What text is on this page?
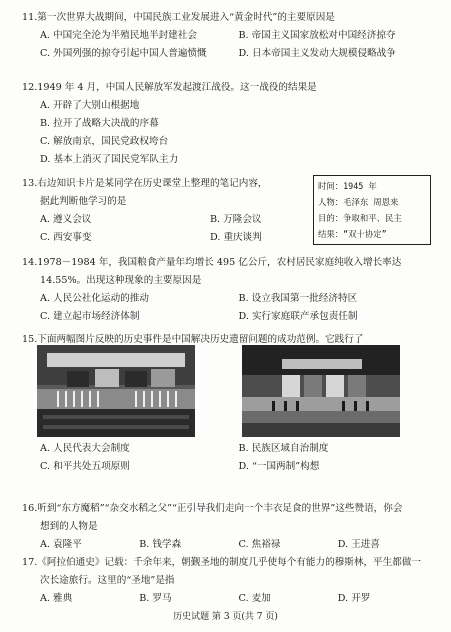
11.第一次世界大战期间，中国民族工业发展进入“黄金时代”的主要原因是
A. 中国完全沦为半殖民地半封建社会	B. 帝国主义国家放松对中国经济掠夺
C. 外国列强的掠夺引起中国人普遍愤慨	D. 日本帝国主义发动大规模侵略战争
12.1949 年 4 月，中国人民解放军发起渡江战役。这一战役的结果是
A. 开辟了大别山根据地
B. 拉开了战略大决战的序幕
C. 解放南京，国民党政权垮台
D. 基本上消灭了国民党军队主力
13.右边知识卡片是某同学在历史课堂上整理的笔记内容，
据此判断他学习的是
A. 遵义会议	B. 万隆会议
C. 西安事变	D. 重庆谈判
时间：1945 年
人物：毛泽东 周恩来
目的：争取和平、民主
结果：“双十协定”
14.1978－1984 年，我国粮食产量年均增长 495 亿公斤，农村居民家庭纯收入增长率达
14.55%。出现这种现象的主要原因是
A. 人民公社化运动的推动	B. 设立我国第一批经济特区
C. 建立起市场经济体制	D. 实行家庭联产承包责任制
15.下面两幅图片反映的历史事件是中国解决历史遗留问题的成功范例。它践行了
A. 人民代表大会制度	B. 民族区域自治制度
C. 和平共处五项原则	D. “一国两制”构想
16.听到“东方魔稻”“杂交水稻之父”“正引导我们走向一个丰衣足食的世界”这些赞语，你会
想到的人物是
A. 袁隆平	B. 钱学森	C. 焦裕禄	D. 王进喜
17.《阿拉伯通史》记载：千余年来，朝觐圣地的制度几乎使每个有能力的穆斯林，平生都做一
次长途旅行。这里的“圣地”是指
A. 雅典	B. 罗马	C. 麦加	D. 开罗
历史试题 第 3 页(共 7 页)
